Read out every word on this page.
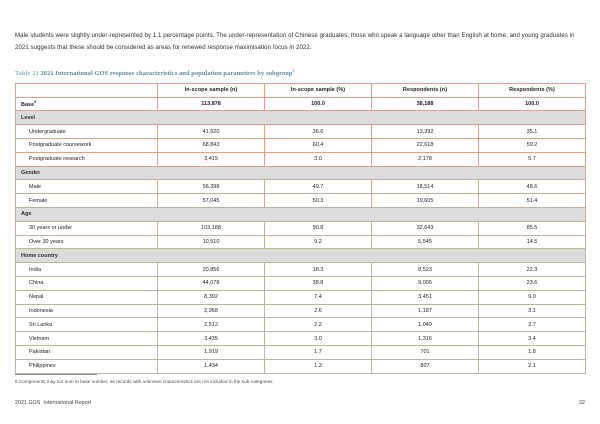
Male students were slightly under-represented by 1.1 percentage points. The under-representation of Chinese graduates, those who speak a language other than English at home, and young graduates in 2021 suggests that these should be considered as areas for renewed response maximisation focus in 2022.

Table 21 2021 International GOS response characteristics and population parameters by subgroup$^5$
	In-scope sample (n)	In-scope sample (%)	Respondents (n)	Respondents (%)
Base$^5$	113,878	100.0	38,188	100.0
Level				
Undergraduate	41,620	36.6	13,392	35.1
Postgraduate coursework	68,843	60.4	22,618	59.2
Postgraduate research	3,415	3.0	2,178	5.7
Gender				
Male	56,398	49.7	18,514	48.6
Female	57,045	50.3	19,605	51.4
Age				
30 years or under	103,188	90.8	32,643	85.5
Over 30 years	10,510	9.2	5,545	14.5
Home country				
India	20,856	18.3	8,523	22.3
China	44,078	38.8	9,005	23.6
Nepal	8,392	7.4	3,451	9.0
Indonesia	2,968	2.6	1,187	3.1
Sri Lanka	2,512	2.2	1,049	2.7
Vietnam	3,435	3.0	1,316	3.4
Pakistan	1,919	1.7	701	1.8
Philippines	1,434	1.3	807	2.1
5 Components may not sum to base number, as records with unknown characteristics are not included in the sub-categories.
2021 GOS  International Report	32
